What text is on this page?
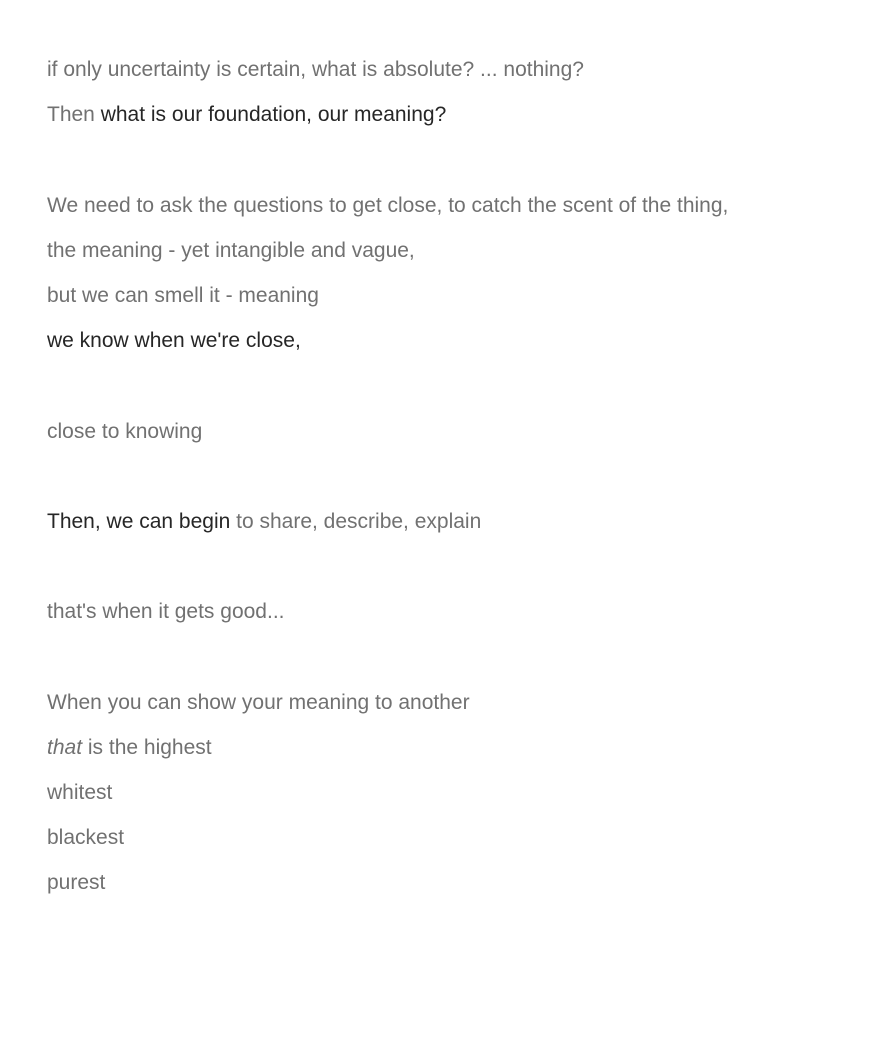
if only uncertainty is certain, what is absolute? ... nothing?
Then what is our foundation, our meaning?
We need to ask the questions to get close, to catch the scent of the thing,
the meaning - yet intangible and vague,
but we can smell it - meaning
we know when we're close,
close to knowing
Then, we can begin to share, describe, explain
that's when it gets good...
When you can show your meaning to another
that is the highest
whitest
blackest
purest
